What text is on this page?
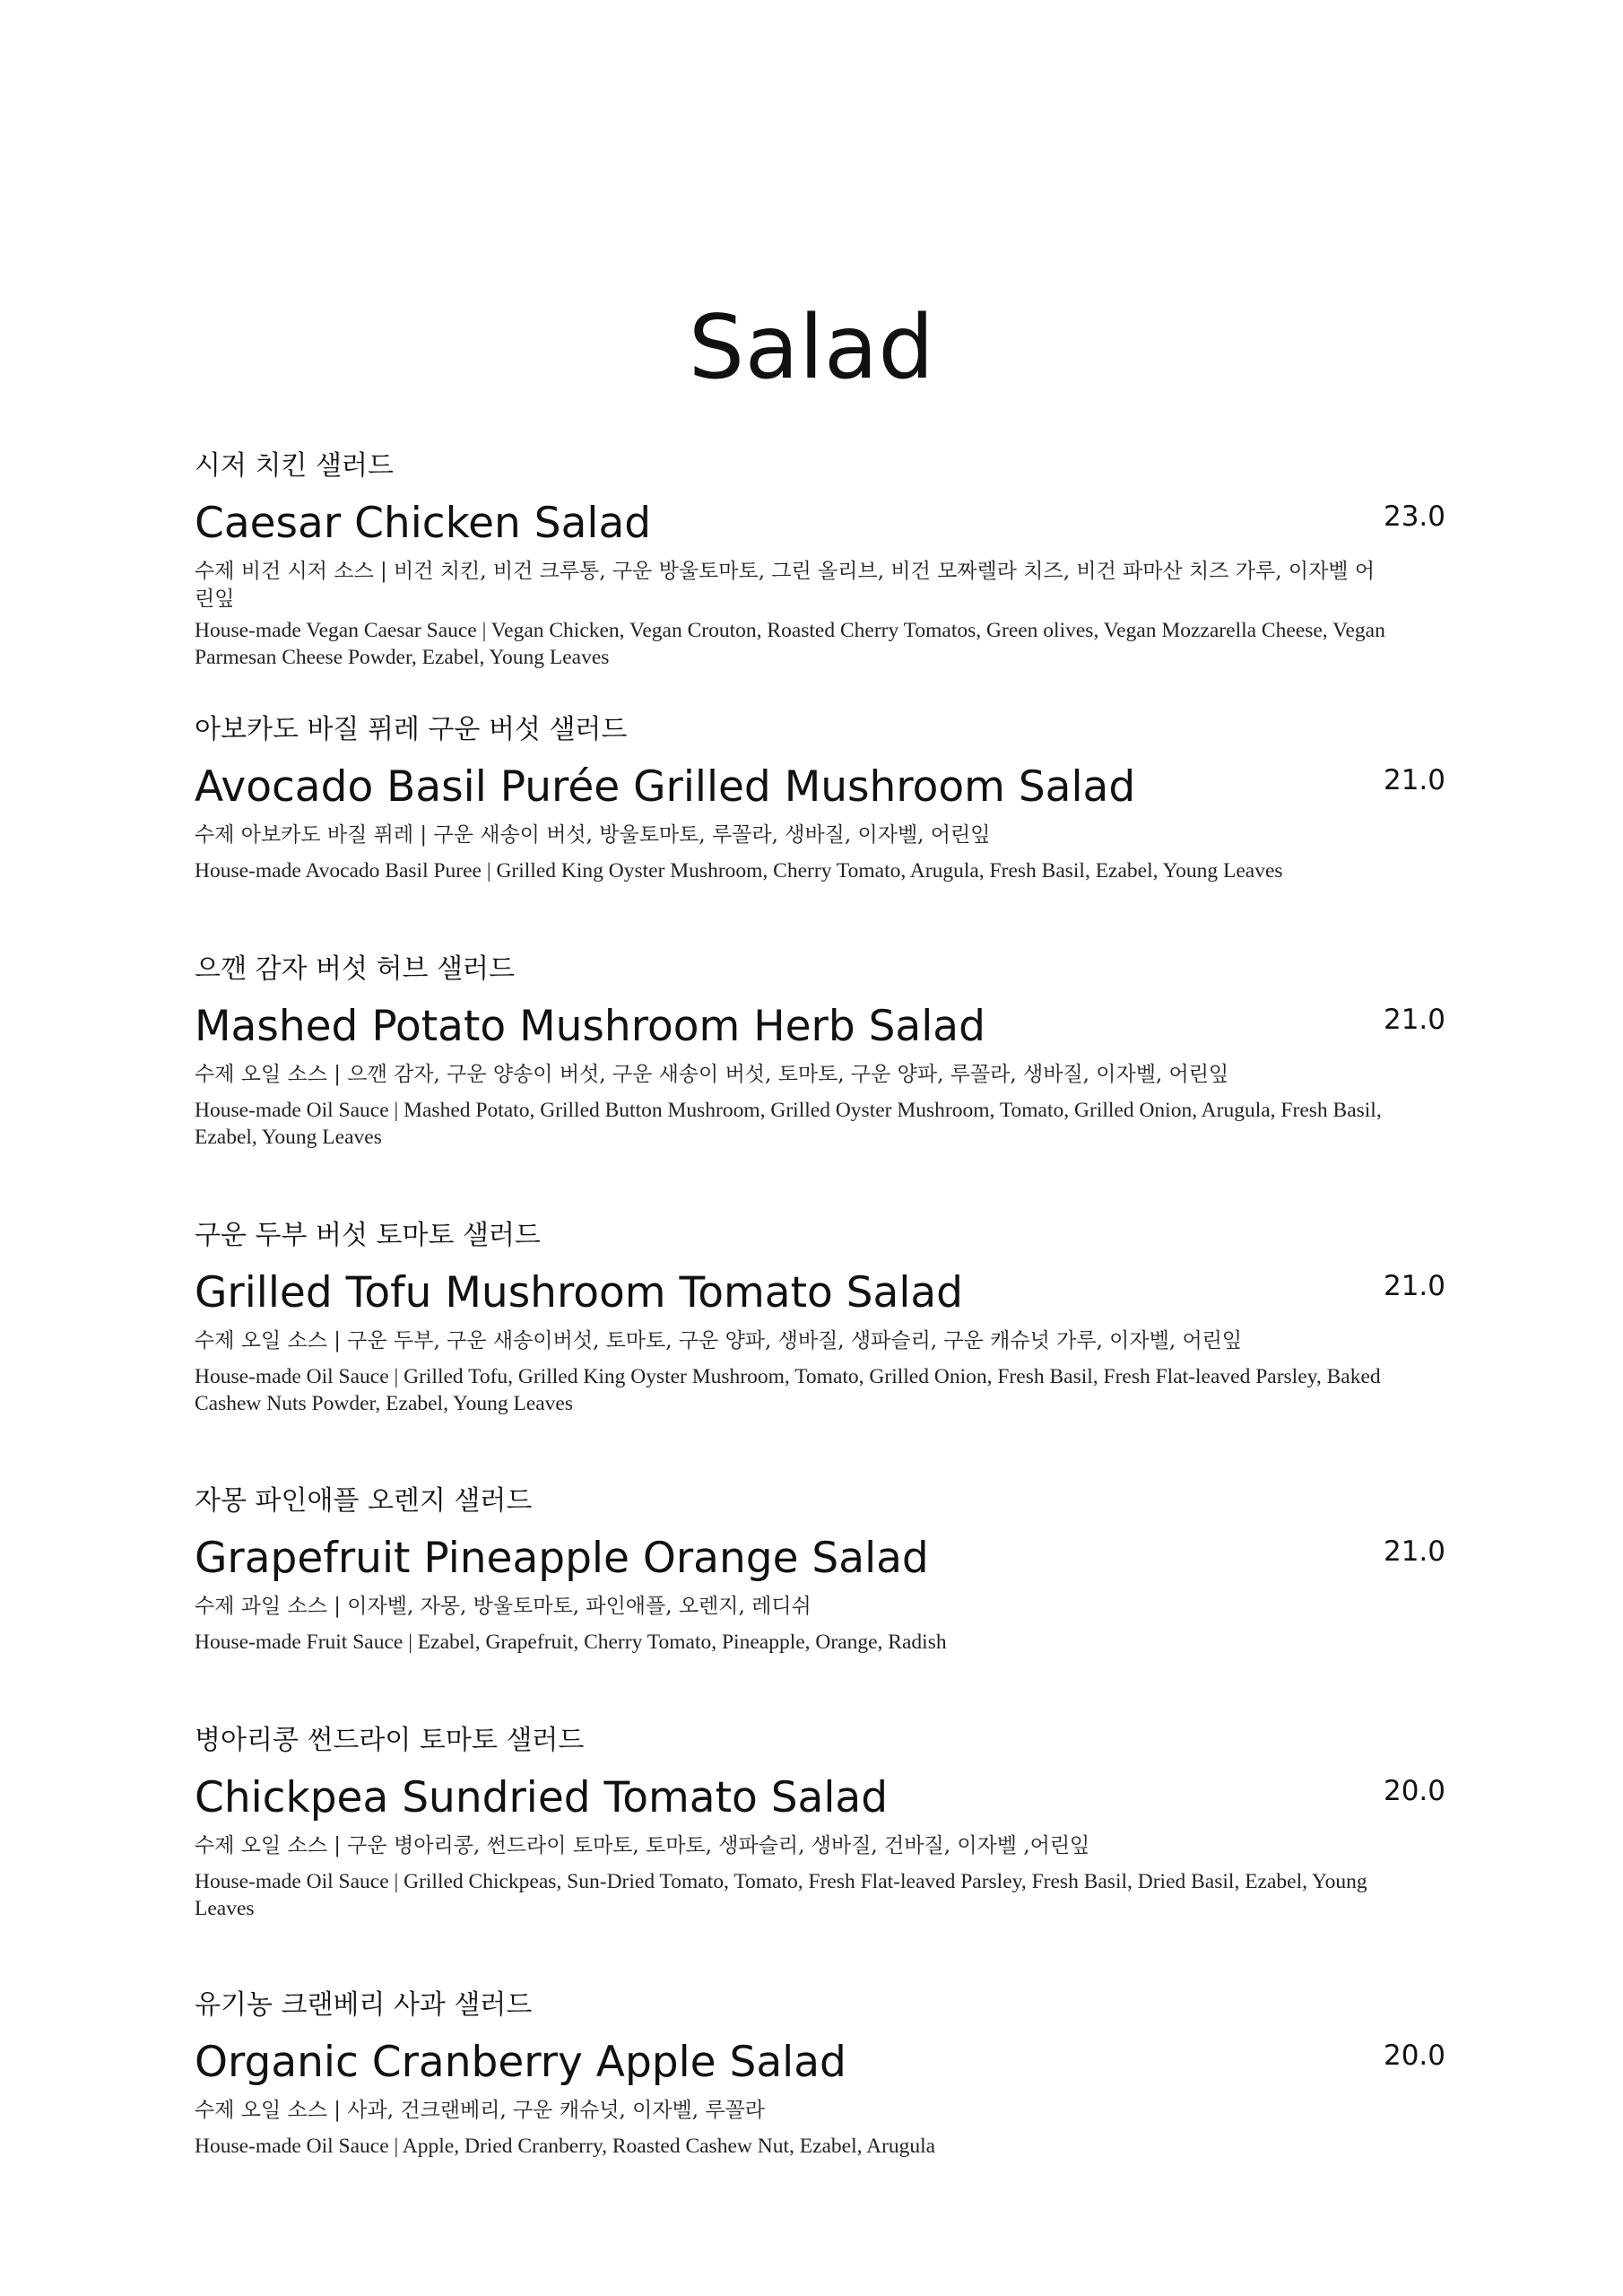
Salad
시저 치킨 샐러드
Caesar Chicken Salad	23.0
수제 비건 시저 소스 | 비건 치킨, 비건 크루통, 구운 방울토마토, 그린 올리브, 비건 모짜렐라 치즈, 비건 파마산 치즈 가루, 이자벨 어린잎
House-made Vegan Caesar Sauce | Vegan Chicken, Vegan Crouton, Roasted Cherry Tomatos, Green olives, Vegan Mozzarella Cheese, Vegan Parmesan Cheese Powder, Ezabel, Young Leaves
아보카도 바질 퓌레 구운 버섯 샐러드
Avocado Basil Purée Grilled Mushroom Salad	21.0
수제 아보카도 바질 퓌레 | 구운 새송이 버섯, 방울토마토, 루꼴라, 생바질, 이자벨, 어린잎
House-made Avocado Basil Puree | Grilled King Oyster Mushroom, Cherry Tomato, Arugula, Fresh Basil, Ezabel, Young Leaves
으깬 감자 버섯 허브 샐러드
Mashed Potato Mushroom Herb Salad	21.0
수제 오일 소스 | 으깬 감자, 구운 양송이 버섯, 구운 새송이 버섯, 토마토, 구운 양파, 루꼴라, 생바질, 이자벨, 어린잎
House-made Oil Sauce | Mashed Potato, Grilled Button Mushroom, Grilled Oyster Mushroom, Tomato, Grilled Onion, Arugula, Fresh Basil, Ezabel, Young Leaves
구운 두부 버섯 토마토 샐러드
Grilled Tofu Mushroom Tomato Salad	21.0
수제 오일 소스 | 구운 두부, 구운 새송이버섯, 토마토, 구운 양파, 생바질, 생파슬리, 구운 캐슈넛 가루, 이자벨, 어린잎
House-made Oil Sauce | Grilled Tofu, Grilled King Oyster Mushroom, Tomato, Grilled Onion, Fresh Basil, Fresh Flat-leaved Parsley, Baked Cashew Nuts Powder, Ezabel, Young Leaves
자몽 파인애플 오렌지 샐러드
Grapefruit Pineapple Orange Salad	21.0
수제 과일 소스 | 이자벨, 자몽, 방울토마토, 파인애플, 오렌지, 레디쉬
House-made Fruit Sauce | Ezabel, Grapefruit, Cherry Tomato, Pineapple, Orange, Radish
병아리콩 썬드라이 토마토 샐러드
Chickpea Sundried Tomato Salad	20.0
수제 오일 소스 | 구운 병아리콩, 썬드라이 토마토, 토마토, 생파슬리, 생바질, 건바질, 이자벨 ,어린잎
House-made Oil Sauce | Grilled Chickpeas, Sun-Dried Tomato, Tomato, Fresh Flat-leaved Parsley, Fresh Basil, Dried Basil, Ezabel, Young Leaves
유기농 크랜베리 사과 샐러드
Organic Cranberry Apple Salad	20.0
수제 오일 소스 | 사과, 건크랜베리, 구운 캐슈넛, 이자벨, 루꼴라
House-made Oil Sauce | Apple, Dried Cranberry, Roasted Cashew Nut, Ezabel, Arugula
